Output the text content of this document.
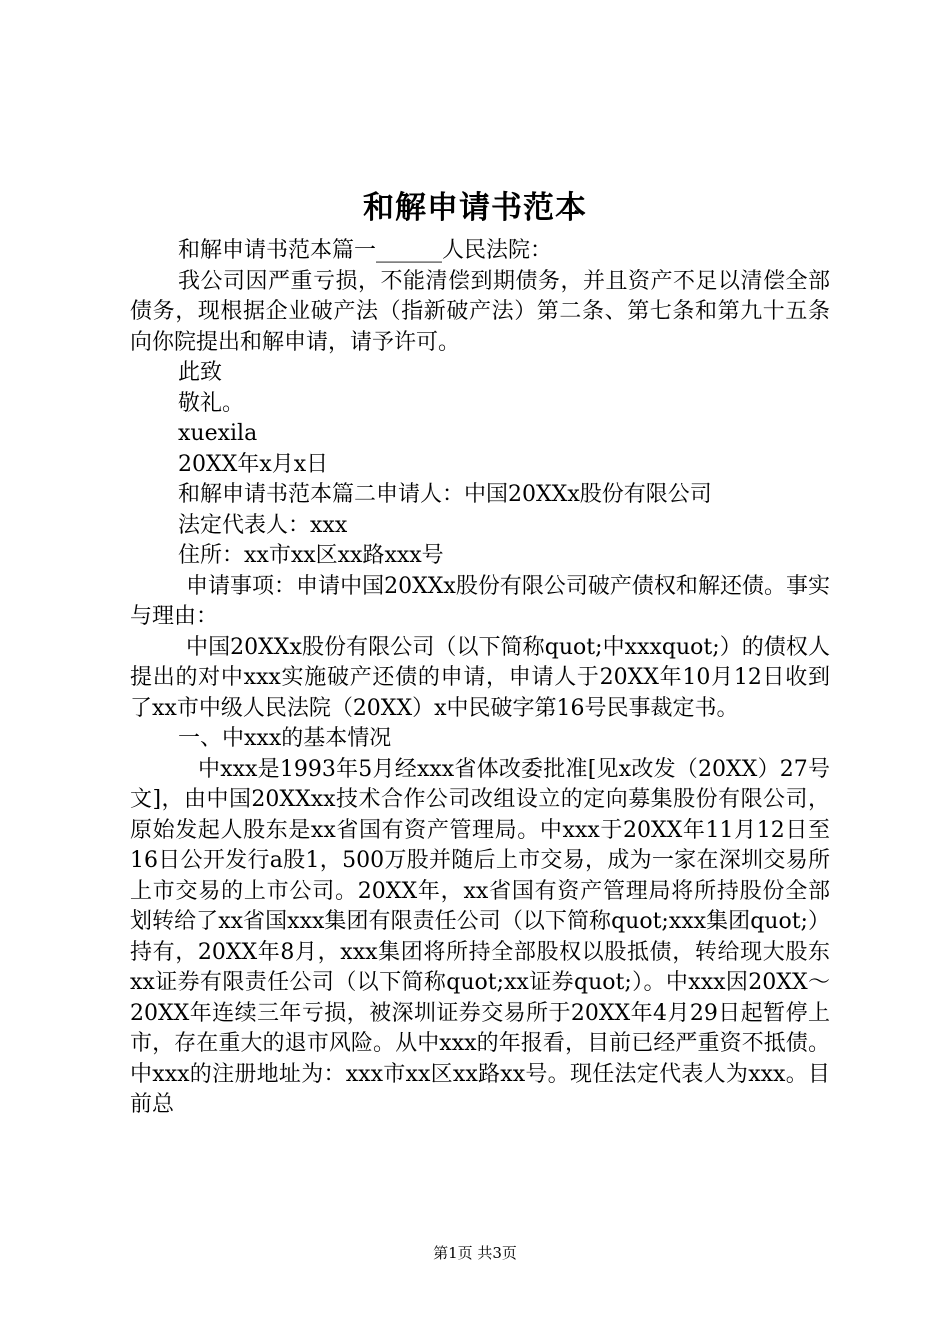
和解申请书范本

和解申请书范本篇一______人民法院：

我公司因严重亏损，不能清偿到期债务，并且资产不足以清偿全部债务，现根据企业破产法（指新破产法）第二条、第七条和第九十五条向你院提出和解申请，请予许可。

此致

敬礼。

xuexila

20XX年x月x日

和解申请书范本篇二申请人：中国20XXx股份有限公司

法定代表人：xxx

住所：xx市xx区xx路xxx号

申请事项：申请中国20XXx股份有限公司破产债权和解还债。事实与理由：

中国20XXx股份有限公司（以下简称quot;中xxxquot;）的债权人提出的对中xxx实施破产还债的申请，申请人于20XX年10月12日收到了xx市中级人民法院（20XX）x中民破字第16号民事裁定书。

一、中xxx的基本情况

中xxx是1993年5月经xxx省体改委批准[见x改发（20XX）27号文]，由中国20XXxx技术合作公司改组设立的定向募集股份有限公司，原始发起人股东是xx省国有资产管理局。中xxx于20XX年11月12日至16日公开发行a股1，500万股并随后上市交易，成为一家在深圳交易所上市交易的上市公司。20XX年，xx省国有资产管理局将所持股份全部划转给了xx省国xxx集团有限责任公司（以下简称quot;xxx集团quot;）持有，20XX年8月，xxx集团将所持全部股权以股抵债，转给现大股东xx证券有限责任公司（以下简称quot;xx证券quot;）。中xxx因20XX～20XX年连续三年亏损，被深圳证券交易所于20XX年4月29日起暂停上市，存在重大的退市风险。从中xxx的年报看，目前已经严重资不抵债。中xxx的注册地址为：xxx市xx区xx路xx号。现任法定代表人为xxx。目前总

第1页 共3页
